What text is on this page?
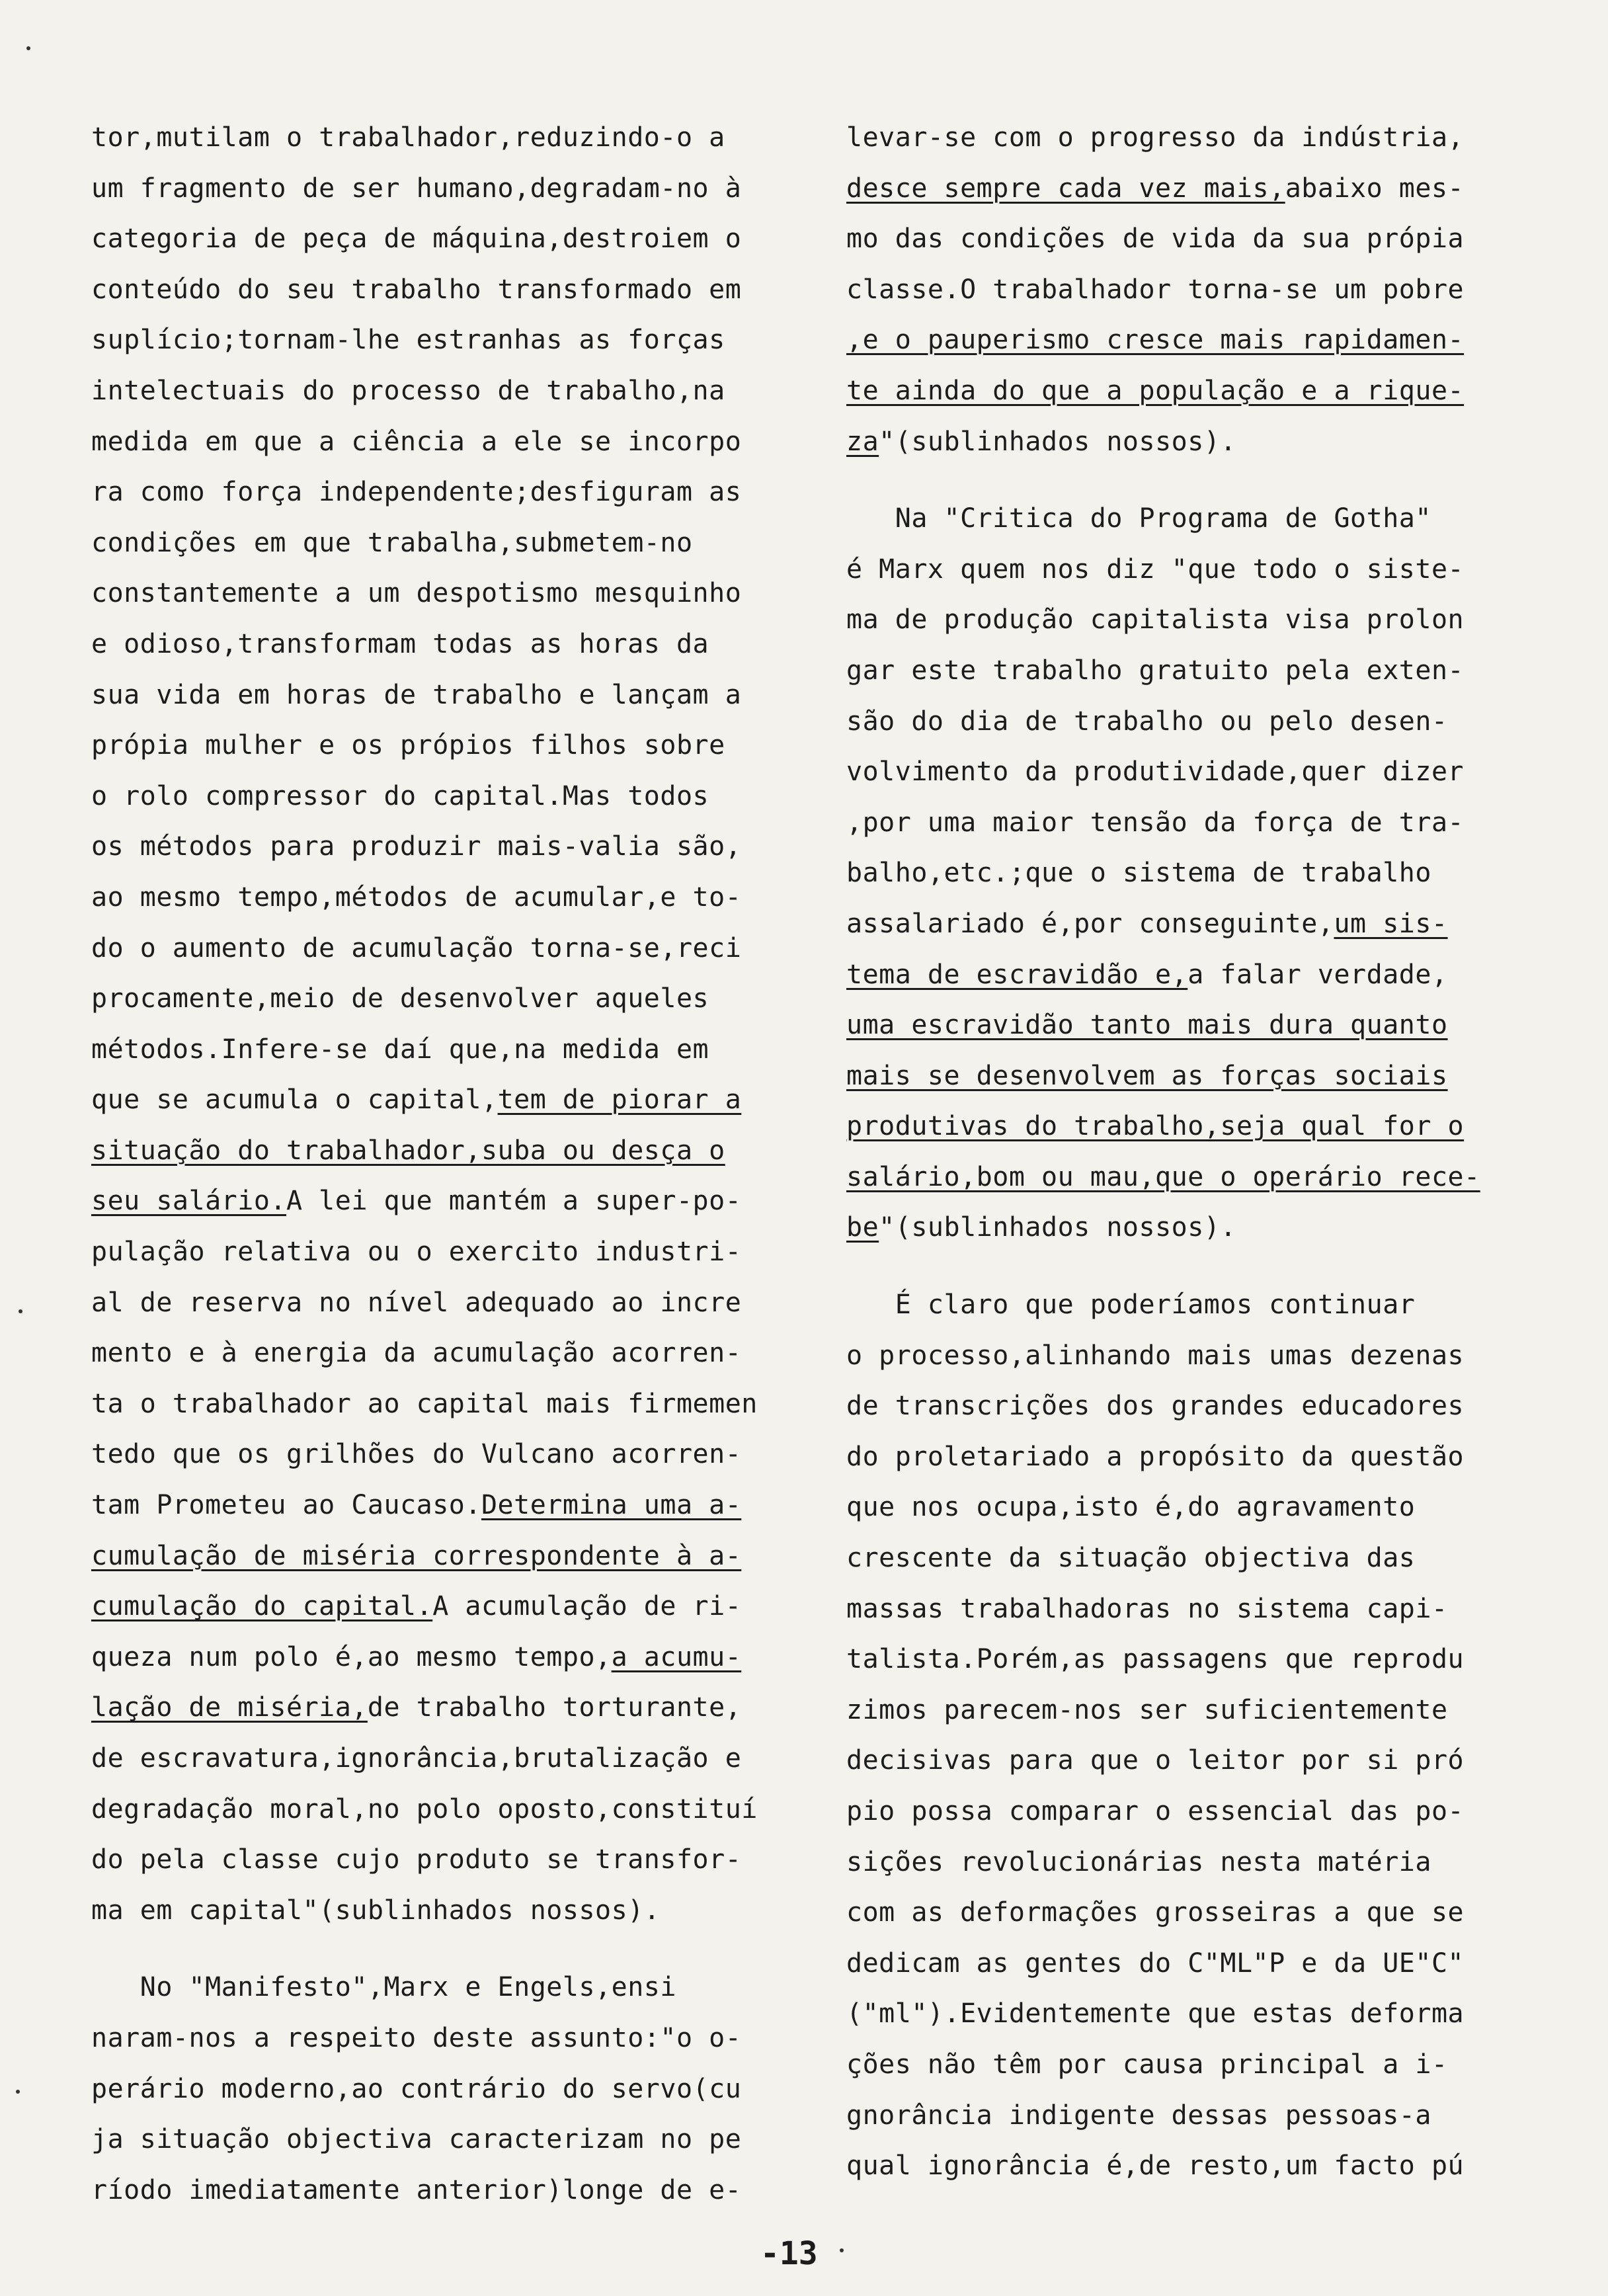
tor,mutilam o trabalhador,reduzindo-o a
um fragmento de ser humano,degradam-no à
categoria de peça de máquina,destroiem o
conteúdo do seu trabalho transformado em
suplício;tornam-lhe estranhas as forças
intelectuais do processo de trabalho,na
medida em que a ciência a ele se incorpo
ra como força independente;desfiguram as
condições em que trabalha,submetem-no
constantemente a um despotismo mesquinho
e odioso,transformam todas as horas da
sua vida em horas de trabalho e lançam a
própia mulher e os própios filhos sobre
o rolo compressor do capital.Mas todos
os métodos para produzir mais-valia são,
ao mesmo tempo,métodos de acumular,e to-
do o aumento de acumulação torna-se,reci
procamente,meio de desenvolver aqueles
métodos.Infere-se daí que,na medida em
que se acumula o capital,tem de piorar a
situação do trabalhador,suba ou desça o
seu salário.A lei que mantém a super-po-
pulação relativa ou o exercito industri-
al de reserva no nível adequado ao incre
mento e à energia da acumulação acorren-
ta o trabalhador ao capital mais firmemen
tedo que os grilhões do Vulcano acorren-
tam Prometeu ao Caucaso.Determina uma a-
cumulação de miséria correspondente à a-
cumulação do capital.A acumulação de ri-
queza num polo é,ao mesmo tempo,a acumu-
lação de miséria,de trabalho torturante,
de escravatura,ignorância,brutalização e
degradação moral,no polo oposto,constituí
do pela classe cujo produto se transfor-
ma em capital"(sublinhados nossos).
No "Manifesto",Marx e Engels,ensi
naram-nos a respeito deste assunto:"o o-
perário moderno,ao contrário do servo(cu
ja situação objectiva caracterizam no pe
ríodo imediatamente anterior)longe de e-
levar-se com o progresso da indústria,
desce sempre cada vez mais,abaixo mes-
mo das condições de vida da sua própia
classe.O trabalhador torna-se um pobre
,e o pauperismo cresce mais rapidamen-
te ainda do que a população e a rique-
za"(sublinhados nossos).
Na "Critica do Programa de Gotha"
é Marx quem nos diz "que todo o siste-
ma de produção capitalista visa prolon
gar este trabalho gratuito pela exten-
são do dia de trabalho ou pelo desen-
volvimento da produtividade,quer dizer
,por uma maior tensão da força de tra-
balho,etc.;que o sistema de trabalho
assalariado é,por conseguinte,um sis-
tema de escravidão e,a falar verdade,
uma escravidão tanto mais dura quanto
mais se desenvolvem as forças sociais
produtivas do trabalho,seja qual for o
salário,bom ou mau,que o operário rece-
be"(sublinhados nossos).
É claro que poderíamos continuar
o processo,alinhando mais umas dezenas
de transcrições dos grandes educadores
do proletariado a propósito da questão
que nos ocupa,isto é,do agravamento
crescente da situação objectiva das
massas trabalhadoras no sistema capi-
talista.Porém,as passagens que reprodu
zimos parecem-nos ser suficientemente
decisivas para que o leitor por si pró
pio possa comparar o essencial das po-
sições revolucionárias nesta matéria
com as deformações grosseiras a que se
dedicam as gentes do C"ML"P e da UE"C"
("ml").Evidentemente que estas deforma
ções não têm por causa principal a i-
gnorância indigente dessas pessoas-a
qual ignorância é,de resto,um facto pú
-13
